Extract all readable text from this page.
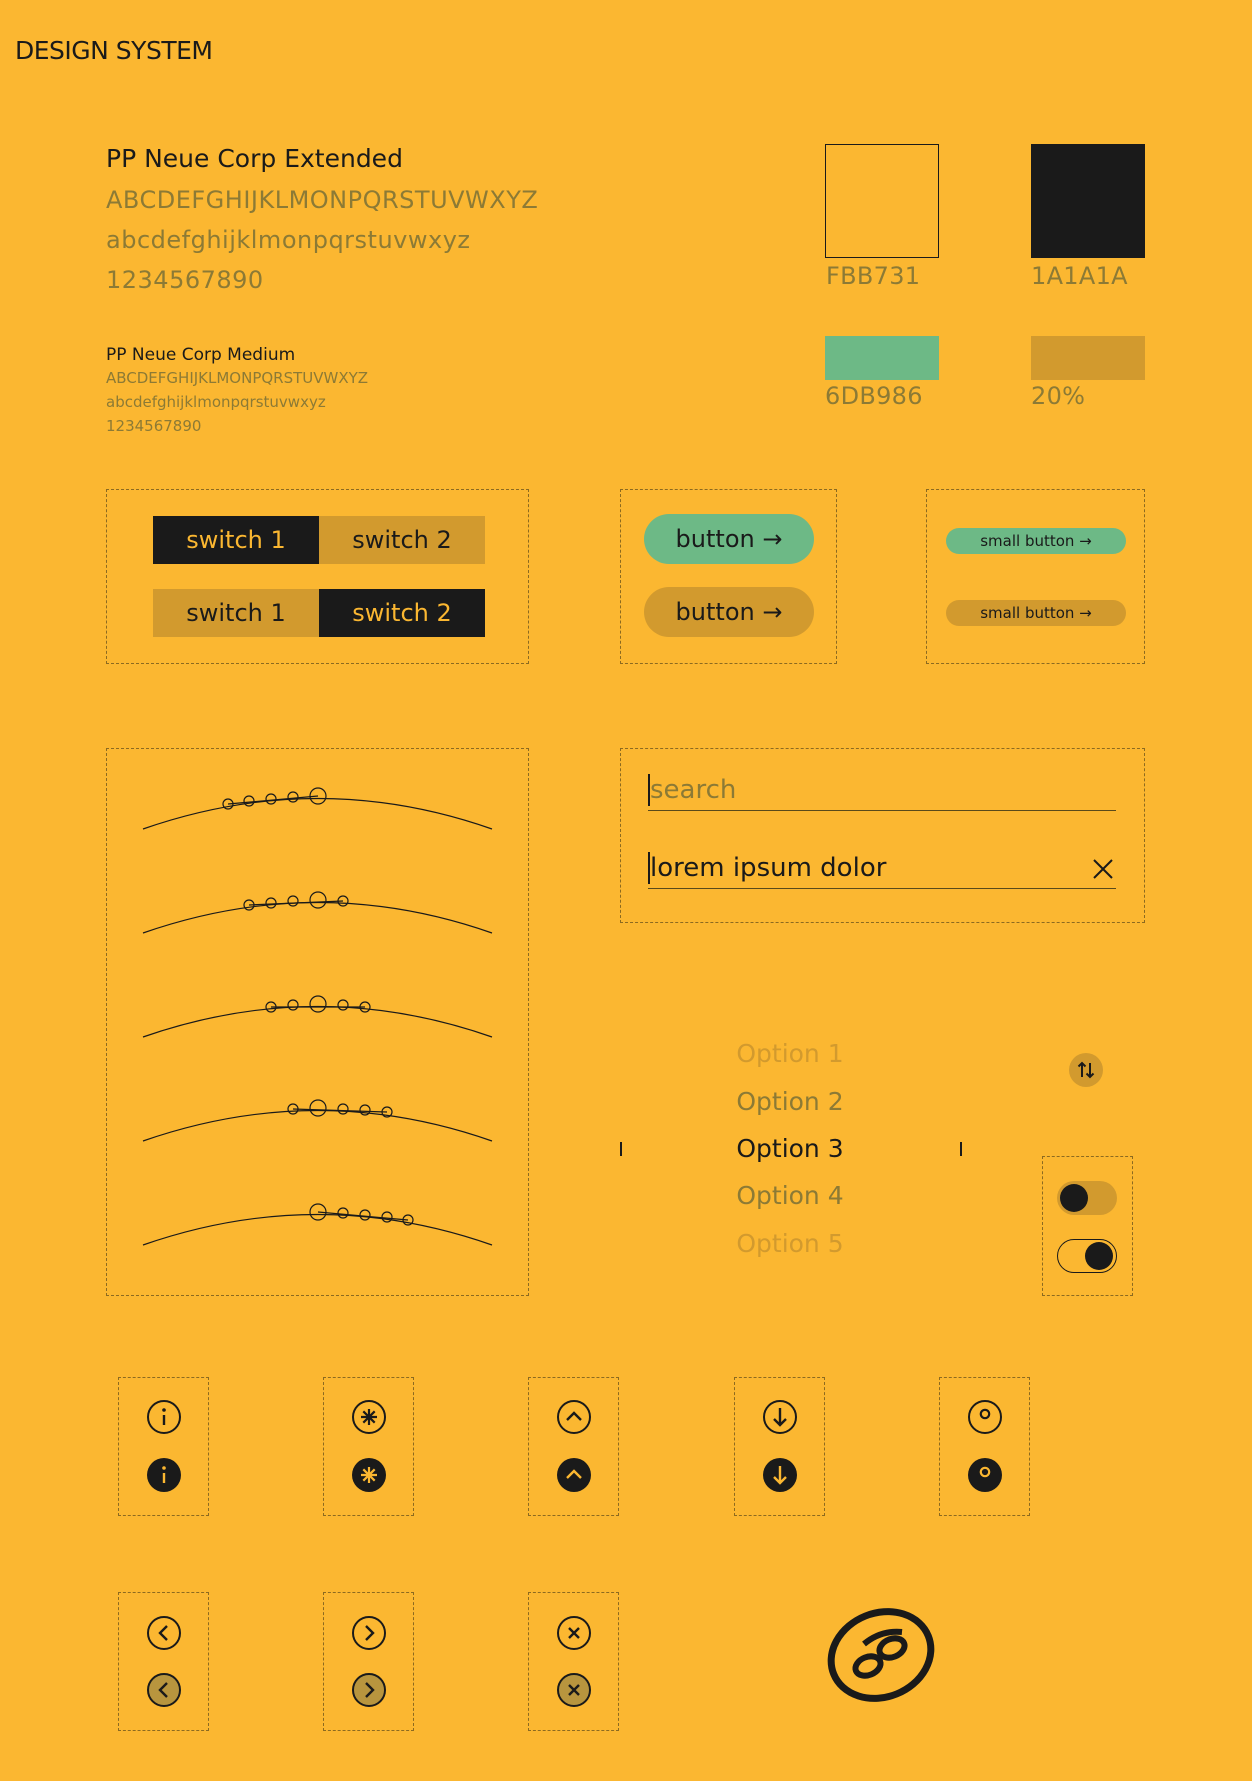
DESIGN SYSTEM
PP Neue Corp Extended
ABCDEFGHIJKLMONPQRSTUVWXYZ
abcdefghijklmonpqrstuvwxyz
1234567890
PP Neue Corp Medium
ABCDEFGHIJKLMONPQRSTUVWXYZ
abcdefghijklmonpqrstuvwxyz
1234567890
FBB731	1A1A1A
6DB986	20%
switch 1	switch 2
switch 1	switch 2
button →
button →
small button →
small button →
search
lorem ipsum dolor
Option 1
Option 2
Option 3
Option 4
Option 5
